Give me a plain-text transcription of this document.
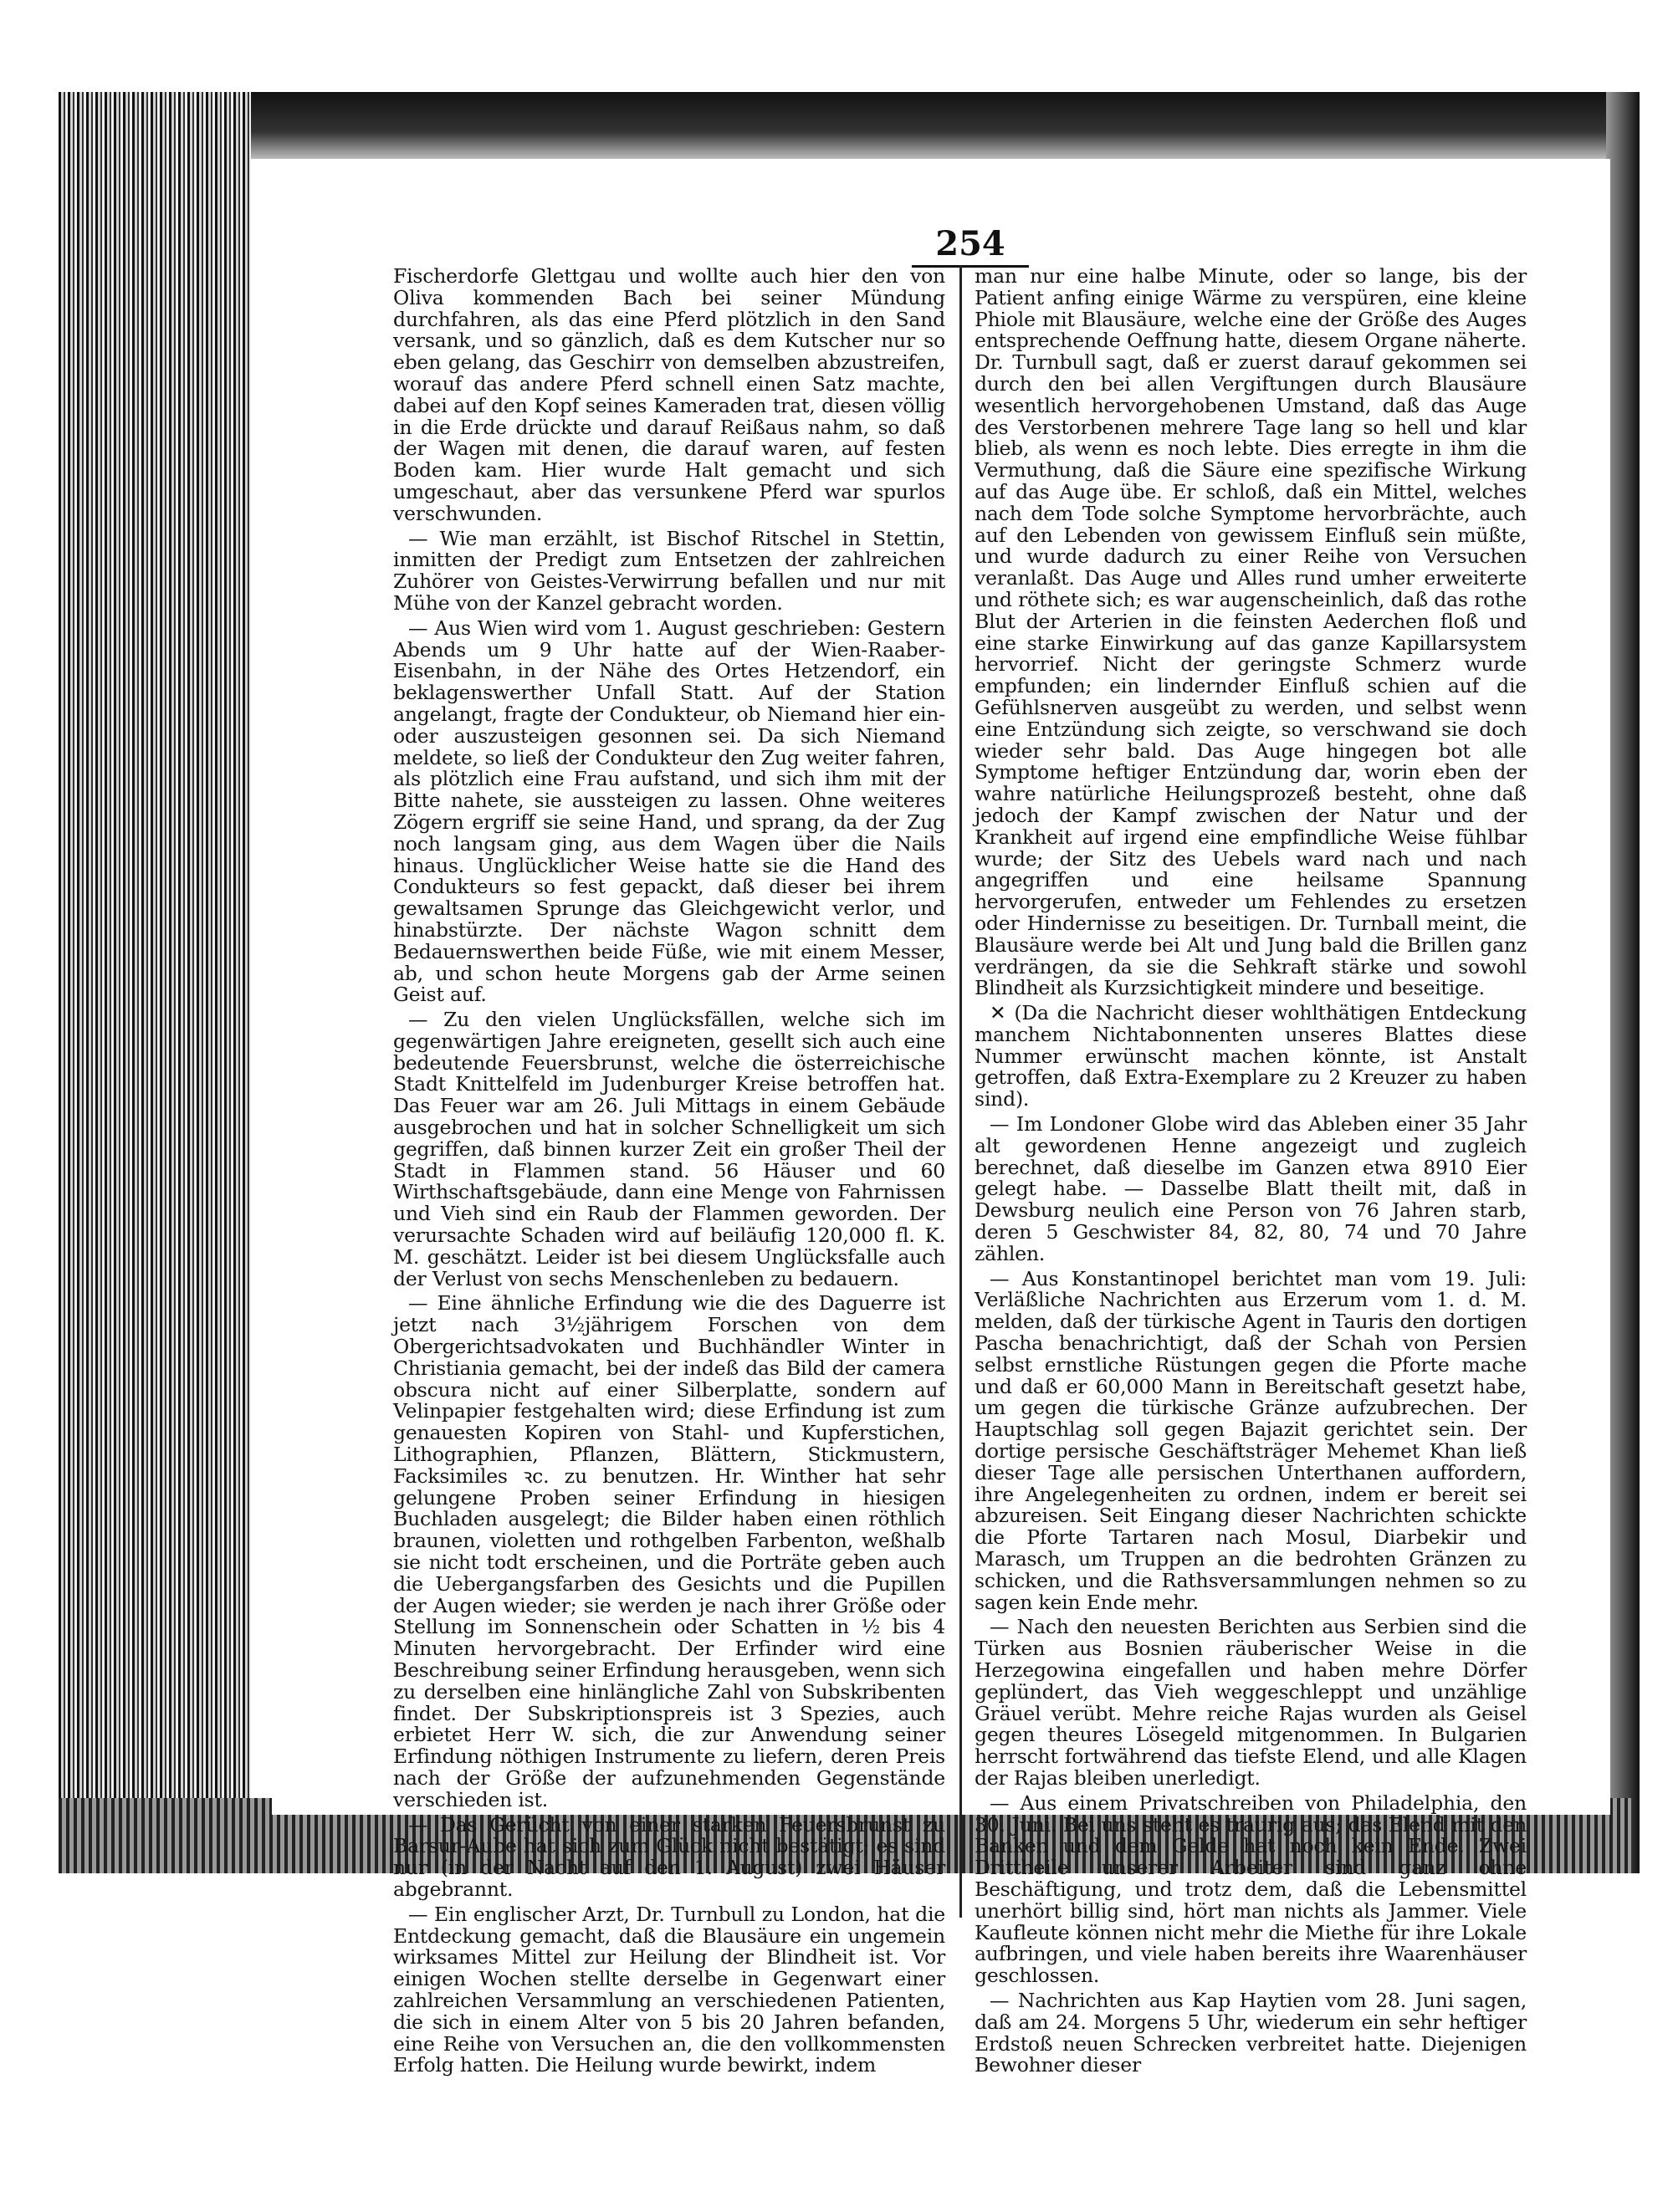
254

Fischerdorfe Glettgau und wollte auch hier den von Oliva kommenden Bach bei seiner Mündung durchfahren, als das eine Pferd plötzlich in den Sand versank, und so gänzlich, daß es dem Kutscher nur so eben gelang, das Geschirr von demselben abzustreifen, worauf das andere Pferd schnell einen Satz machte, dabei auf den Kopf seines Kameraden trat, diesen völlig in die Erde drückte und darauf Reißaus nahm, so daß der Wagen mit denen, die darauf waren, auf festen Boden kam. Hier wurde Halt gemacht und sich umgeschaut, aber das versunkene Pferd war spurlos verschwunden.

— Wie man erzählt, ist Bischof Ritschel in Stettin, inmitten der Predigt zum Entsetzen der zahlreichen Zuhörer von Geistes-Verwirrung befallen und nur mit Mühe von der Kanzel gebracht worden.

— Aus Wien wird vom 1. August geschrieben: Gestern Abends um 9 Uhr hatte auf der Wien-Raaber-Eisenbahn, in der Nähe des Ortes Hetzendorf, ein beklagenswerther Unfall Statt. Auf der Station angelangt, fragte der Condukteur, ob Niemand hier ein- oder auszusteigen gesonnen sei. Da sich Niemand meldete, so ließ der Condukteur den Zug weiter fahren, als plötzlich eine Frau aufstand, und sich ihm mit der Bitte nahete, sie aussteigen zu lassen. Ohne weiteres Zögern ergriff sie seine Hand, und sprang, da der Zug noch langsam ging, aus dem Wagen über die Nails hinaus. Unglücklicher Weise hatte sie die Hand des Condukteurs so fest gepackt, daß dieser bei ihrem gewaltsamen Sprunge das Gleichgewicht verlor, und hinabstürzte. Der nächste Wagon schnitt dem Bedauernswerthen beide Füße, wie mit einem Messer, ab, und schon heute Morgens gab der Arme seinen Geist auf.

— Zu den vielen Unglücksfällen, welche sich im gegenwärtigen Jahre ereigneten, gesellt sich auch eine bedeutende Feuersbrunst, welche die österreichische Stadt Knittelfeld im Judenburger Kreise betroffen hat. Das Feuer war am 26. Juli Mittags in einem Gebäude ausgebrochen und hat in solcher Schnelligkeit um sich gegriffen, daß binnen kurzer Zeit ein großer Theil der Stadt in Flammen stand. 56 Häuser und 60 Wirthschaftsgebäude, dann eine Menge von Fahrnissen und Vieh sind ein Raub der Flammen geworden. Der verursachte Schaden wird auf beiläufig 120,000 fl. K. M. geschätzt. Leider ist bei diesem Unglücksfalle auch der Verlust von sechs Menschenleben zu bedauern.

— Eine ähnliche Erfindung wie die des Daguerre ist jetzt nach 3½jährigem Forschen von dem Obergerichtsadvokaten und Buchhändler Winter in Christiania gemacht, bei der indeß das Bild der camera obscura nicht auf einer Silberplatte, sondern auf Velinpapier festgehalten wird; diese Erfindung ist zum genauesten Kopiren von Stahl- und Kupferstichen, Lithographien, Pflanzen, Blättern, Stickmustern, Facksimiles ꝛc. zu benutzen. Hr. Winther hat sehr gelungene Proben seiner Erfindung in hiesigen Buchladen ausgelegt; die Bilder haben einen röthlich braunen, violetten und rothgelben Farbenton, weßhalb sie nicht todt erscheinen, und die Porträte geben auch die Uebergangsfarben des Gesichts und die Pupillen der Augen wieder; sie werden je nach ihrer Größe oder Stellung im Sonnenschein oder Schatten in ½ bis 4 Minuten hervorgebracht. Der Erfinder wird eine Beschreibung seiner Erfindung herausgeben, wenn sich zu derselben eine hinlängliche Zahl von Subskribenten findet. Der Subskriptionspreis ist 3 Spezies, auch erbietet Herr W. sich, die zur Anwendung seiner Erfindung nöthigen Instrumente zu liefern, deren Preis nach der Größe der aufzunehmenden Gegenstände verschieden ist.

— Das Gerücht von einer starken Feuersbrunst zu Barsur-Aube hat sich zum Glück nicht bestätigt; es sind nur (in der Nacht auf den 1. August) zwei Häuser abgebrannt.

— Ein englischer Arzt, Dr. Turnbull zu London, hat die Entdeckung gemacht, daß die Blausäure ein ungemein wirksames Mittel zur Heilung der Blindheit ist. Vor einigen Wochen stellte derselbe in Gegenwart einer zahlreichen Versammlung an verschiedenen Patienten, die sich in einem Alter von 5 bis 20 Jahren befanden, eine Reihe von Versuchen an, die den vollkommensten Erfolg hatten. Die Heilung wurde bewirkt, indem

man nur eine halbe Minute, oder so lange, bis der Patient anfing einige Wärme zu verspüren, eine kleine Phiole mit Blausäure, welche eine der Größe des Auges entsprechende Oeffnung hatte, diesem Organe näherte. Dr. Turnbull sagt, daß er zuerst darauf gekommen sei durch den bei allen Vergiftungen durch Blausäure wesentlich hervorgehobenen Umstand, daß das Auge des Verstorbenen mehrere Tage lang so hell und klar blieb, als wenn es noch lebte. Dies erregte in ihm die Vermuthung, daß die Säure eine spezifische Wirkung auf das Auge übe. Er schloß, daß ein Mittel, welches nach dem Tode solche Symptome hervorbrächte, auch auf den Lebenden von gewissem Einfluß sein müßte, und wurde dadurch zu einer Reihe von Versuchen veranlaßt. Das Auge und Alles rund umher erweiterte und röthete sich; es war augenscheinlich, daß das rothe Blut der Arterien in die feinsten Aederchen floß und eine starke Einwirkung auf das ganze Kapillarsystem hervorrief. Nicht der geringste Schmerz wurde empfunden; ein lindernder Einfluß schien auf die Gefühlsnerven ausgeübt zu werden, und selbst wenn eine Entzündung sich zeigte, so verschwand sie doch wieder sehr bald. Das Auge hingegen bot alle Symptome heftiger Entzündung dar, worin eben der wahre natürliche Heilungsprozeß besteht, ohne daß jedoch der Kampf zwischen der Natur und der Krankheit auf irgend eine empfindliche Weise fühlbar wurde; der Sitz des Uebels ward nach und nach angegriffen und eine heilsame Spannung hervorgerufen, entweder um Fehlendes zu ersetzen oder Hindernisse zu beseitigen. Dr. Turnball meint, die Blausäure werde bei Alt und Jung bald die Brillen ganz verdrängen, da sie die Sehkraft stärke und sowohl Blindheit als Kurzsichtigkeit mindere und beseitige.

✕ (Da die Nachricht dieser wohlthätigen Entdeckung manchem Nichtabonnenten unseres Blattes diese Nummer erwünscht machen könnte, ist Anstalt getroffen, daß Extra-Exemplare zu 2 Kreuzer zu haben sind).

— Im Londoner Globe wird das Ableben einer 35 Jahr alt gewordenen Henne angezeigt und zugleich berechnet, daß dieselbe im Ganzen etwa 8910 Eier gelegt habe. — Dasselbe Blatt theilt mit, daß in Dewsburg neulich eine Person von 76 Jahren starb, deren 5 Geschwister 84, 82, 80, 74 und 70 Jahre zählen.

— Aus Konstantinopel berichtet man vom 19. Juli: Verläßliche Nachrichten aus Erzerum vom 1. d. M. melden, daß der türkische Agent in Tauris den dortigen Pascha benachrichtigt, daß der Schah von Persien selbst ernstliche Rüstungen gegen die Pforte mache und daß er 60,000 Mann in Bereitschaft gesetzt habe, um gegen die türkische Gränze aufzubrechen. Der Hauptschlag soll gegen Bajazit gerichtet sein. Der dortige persische Geschäftsträger Mehemet Khan ließ dieser Tage alle persischen Unterthanen auffordern, ihre Angelegenheiten zu ordnen, indem er bereit sei abzureisen. Seit Eingang dieser Nachrichten schickte die Pforte Tartaren nach Mosul, Diarbekir und Marasch, um Truppen an die bedrohten Gränzen zu schicken, und die Rathsversammlungen nehmen so zu sagen kein Ende mehr.

— Nach den neuesten Berichten aus Serbien sind die Türken aus Bosnien räuberischer Weise in die Herzegowina eingefallen und haben mehre Dörfer geplündert, das Vieh weggeschleppt und unzählige Gräuel verübt. Mehre reiche Rajas wurden als Geisel gegen theures Lösegeld mitgenommen. In Bulgarien herrscht fortwährend das tiefste Elend, und alle Klagen der Rajas bleiben unerledigt.

— Aus einem Privatschreiben von Philadelphia, den 30. Juni. Bei uns steht es traurig aus; das Elend mit den Banken und dem Gelde hat noch kein Ende. Zwei Drittheile unserer Arbeiter sind ganz ohne Beschäftigung, und trotz dem, daß die Lebensmittel unerhört billig sind, hört man nichts als Jammer. Viele Kaufleute können nicht mehr die Miethe für ihre Lokale aufbringen, und viele haben bereits ihre Waarenhäuser geschlossen.

— Nachrichten aus Kap Haytien vom 28. Juni sagen, daß am 24. Morgens 5 Uhr, wiederum ein sehr heftiger Erdstoß neuen Schrecken verbreitet hatte. Diejenigen Bewohner dieser
